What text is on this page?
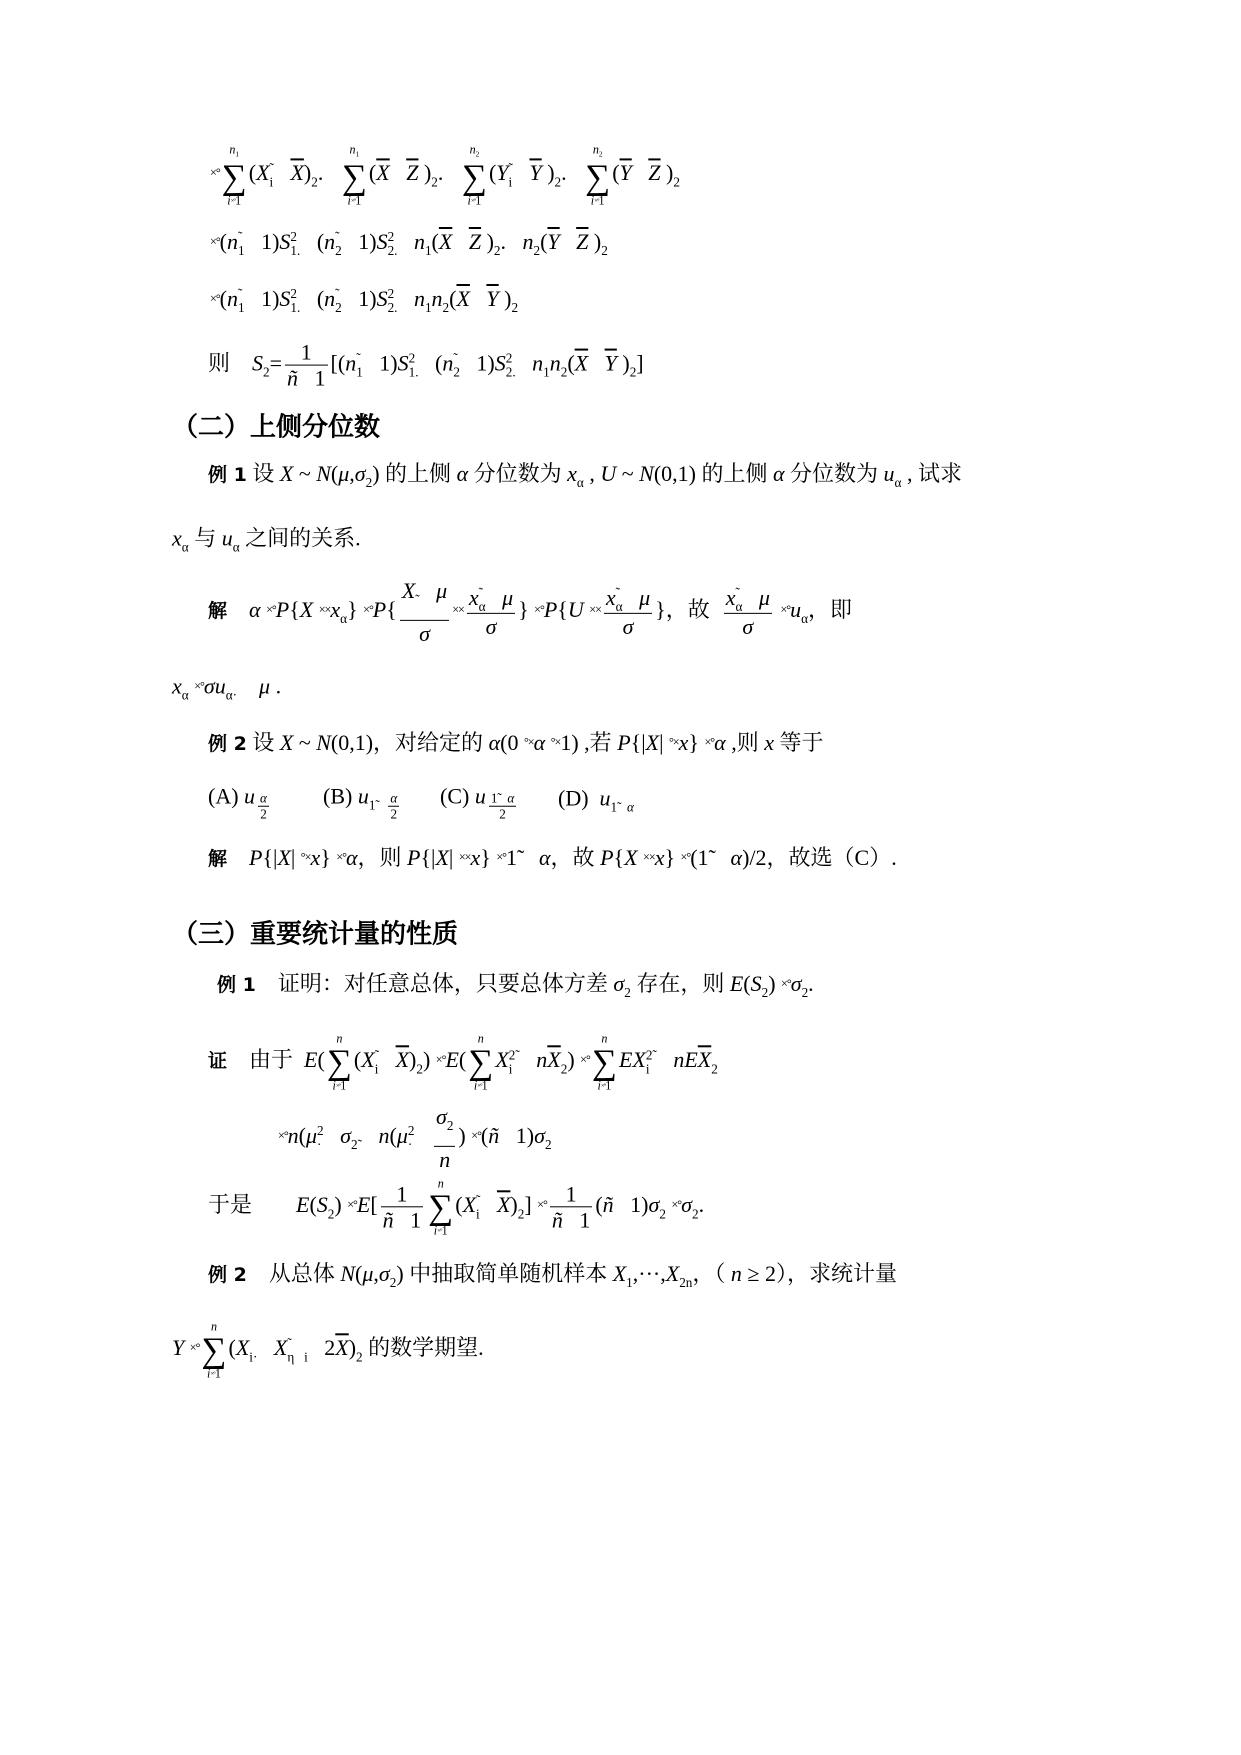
×°
n 1
∑
i×°1
(X ˜
i $\overline{X}$) 2 .
n 1
∑
i×°1
($\overline{X}$ $\overline{Z}$ ) 2 .
n 2
∑
i×°1
(Y ˜
i $\overline{Y}$ ) 2 .
n 2
∑
i×°1
($\overline{Y}$ $\overline{Z}$ ) 2
×°(n ˜
1 1)S 2
1. (n ˜
2 1)S 2
2. n 1 ($\overline{X}$ $\overline{Z}$ ) 2 .   n 2 ($\overline{Y}$ $\overline{Z}$ ) 2
×°(n ˜
1 1)S 2
1. (n ˜
2 1)S 2
2. n 1 n 2 ($\overline{X}$ $\overline{Y}$ ) 2
则    S $2 = \frac{1}{ñ 1} [(n$ ˜
1 1)S 2
1. (n ˜
2 1)S 2
2. n 1 n 2 ($\overline{X}$ $\overline{Y}$ ) 2 ]
（二）上侧分位数
例 1 设 X ~ N(μ,σ 2 ) 的上侧 α 分位数为 x α , U ~ N(0,1) 的上侧 α 分位数为 u α , 试求
x α 与 u α 之间的关系.
解 α ×°P{X ××x α } $\times^\circ P\{ \frac{X ˜ \mu}{\sigma} \times\times x$ ˜
α μ
σ } ×°P{U ×× x ˜
α μ
σ }，故 x ˜
α μ
σ ×°u α ，即
x α
×°σu α· μ .
例 2 设 X ~ N(0,1)，对给定的 α(0 °×α °×1) ,若 P{|X| °×x} ×°α ,则 x 等于
(A) u $\frac{\alpha}{2} (B)$ u 1̃ $\frac{\alpha}{2} (C)$ u $\frac{1̃ \alpha}{2} (D)$  u 1̃   α
解 P{|X| °×x} ×°α，则 P{|X| ××x} ×°1̃    α，故 P{X ××x} ×°(1̃    α)/2，故选（C）.
（三）重要统计量的性质
例 1    证明：对任意总体，只要总体方差 σ 2 存在，则 E(S 2 ) ×°σ 2 .
证    由于  E(
n
∑
i×°1
(X ˜
i $\overline{X}$) 2 ) ×°E(
n
∑
i×°1
X 2˜
i	$n\overline{X}$ 2 ) ×°
n
∑
i×°1
EX 2˜
i	$nE\overline{X}$ 2
×°n(μ 2
· σ 2˜ n(μ 2
·
$\frac{\sigma 2}{n}$ ) ×°(ñ   1)σ 2
于是        E(S 2 ) $\times^\circ E[ \frac{1}{ñ 1}$	n
∑
i×°1
(X ˜
i $\overline{X}$) 2 ] ×° $\frac{1}{ñ 1}$ (ñ   1)σ 2
×°σ 2 .
例 2    从总体 N(μ,σ 2 ) 中抽取简单随机样本 X 1 ,···,X 2n ，（ n ≥ 2），求统计量
Y ×°
n
∑
i×°1
(X i· X ˜
η   i $2\overline{X}$) 2 的数学期望.
